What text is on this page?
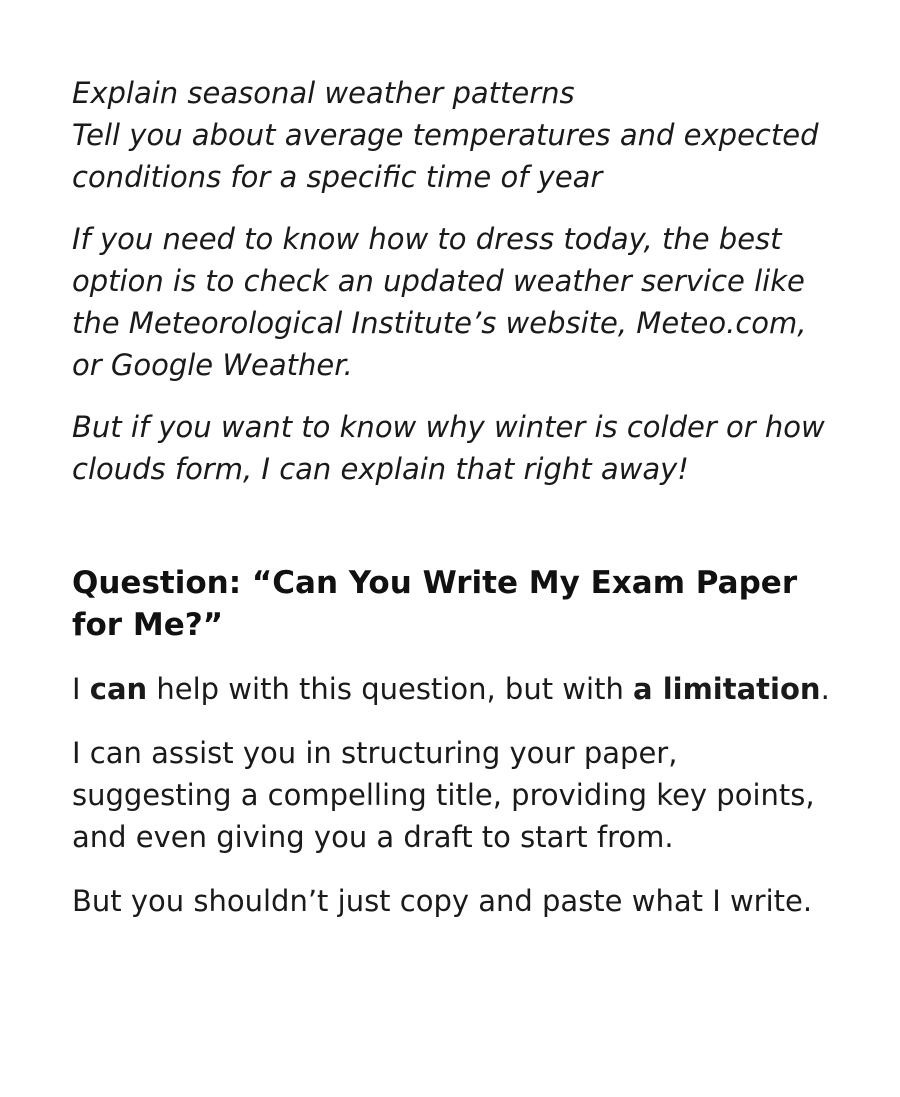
Explain seasonal weather patterns
Tell you about average temperatures and expected conditions for a specific time of year
If you need to know how to dress today, the best option is to check an updated weather service like the Meteorological Institute’s website, Meteo.com, or Google Weather.
But if you want to know why winter is colder or how clouds form, I can explain that right away!
Question: “Can You Write My Exam Paper for Me?”
I can help with this question, but with a limitation.
I can assist you in structuring your paper, suggesting a compelling title, providing key points, and even giving you a draft to start from.
But you shouldn’t just copy and paste what I write.
